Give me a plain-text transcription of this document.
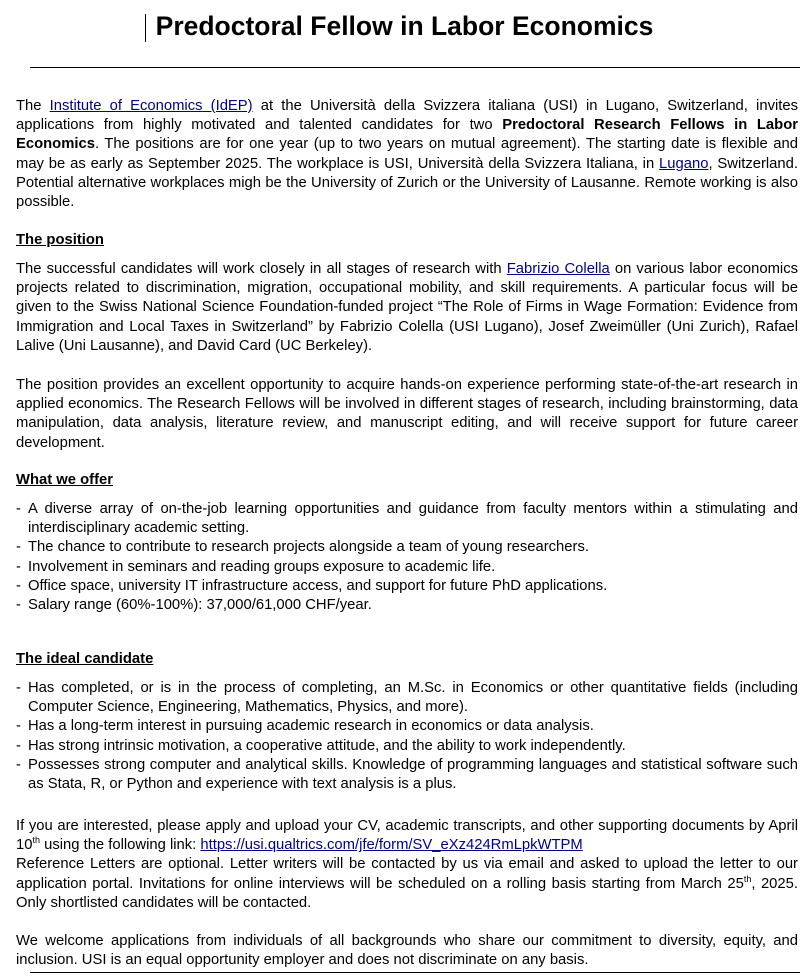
Predoctoral Fellow in Labor Economics
The Institute of Economics (IdEP) at the Università della Svizzera italiana (USI) in Lugano, Switzerland, invites applications from highly motivated and talented candidates for two Predoctoral Research Fellows in Labor Economics. The positions are for one year (up to two years on mutual agreement). The starting date is flexible and may be as early as September 2025. The workplace is USI, Università della Svizzera Italiana, in Lugano, Switzerland. Potential alternative workplaces migh be the University of Zurich or the University of Lausanne. Remote working is also possible.
The position
The successful candidates will work closely in all stages of research with Fabrizio Colella on various labor economics projects related to discrimination, migration, occupational mobility, and skill requirements. A particular focus will be given to the Swiss National Science Foundation-funded project “The Role of Firms in Wage Formation: Evidence from Immigration and Local Taxes in Switzerland” by Fabrizio Colella (USI Lugano), Josef Zweimüller (Uni Zurich), Rafael Lalive (Uni Lausanne), and David Card (UC Berkeley).
The position provides an excellent opportunity to acquire hands-on experience performing state-of-the-art research in applied economics. The Research Fellows will be involved in different stages of research, including brainstorming, data manipulation, data analysis, literature review, and manuscript editing, and will receive support for future career development.
What we offer
- A diverse array of on-the-job learning opportunities and guidance from faculty mentors within a stimulating and interdisciplinary academic setting.
- The chance to contribute to research projects alongside a team of young researchers.
- Involvement in seminars and reading groups exposure to academic life.
- Office space, university IT infrastructure access, and support for future PhD applications.
- Salary range (60%-100%): 37,000/61,000 CHF/year.
The ideal candidate
- Has completed, or is in the process of completing, an M.Sc. in Economics or other quantitative fields (including Computer Science, Engineering, Mathematics, Physics, and more).
- Has a long-term interest in pursuing academic research in economics or data analysis.
- Has strong intrinsic motivation, a cooperative attitude, and the ability to work independently.
- Possesses strong computer and analytical skills. Knowledge of programming languages and statistical software such as Stata, R, or Python and experience with text analysis is a plus.
If you are interested, please apply and upload your CV, academic transcripts, and other supporting documents by April 10th using the following link: https://usi.qualtrics.com/jfe/form/SV_eXz424RmLpkWTPM
Reference Letters are optional. Letter writers will be contacted by us via email and asked to upload the letter to our application portal. Invitations for online interviews will be scheduled on a rolling basis starting from March 25th, 2025. Only shortlisted candidates will be contacted.
We welcome applications from individuals of all backgrounds who share our commitment to diversity, equity, and inclusion. USI is an equal opportunity employer and does not discriminate on any basis.
